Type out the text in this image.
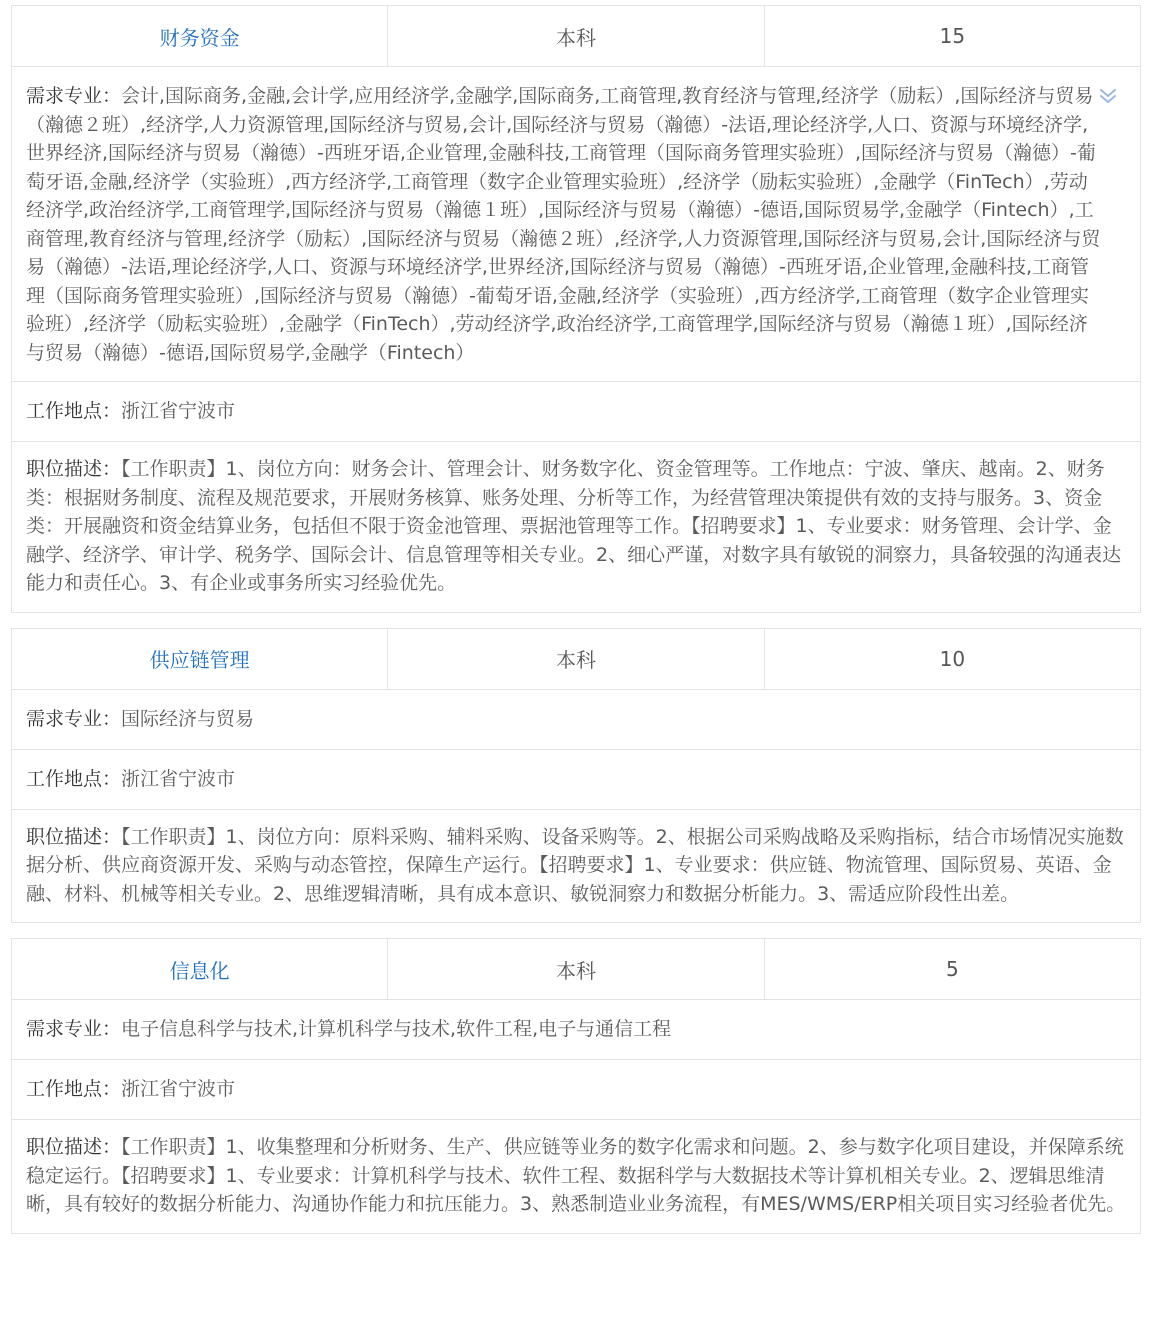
财务资金	本科	15
需求专业：会计,国际商务,金融,会计学,应用经济学,金融学,国际商务,工商管理,教育经济与管理,经济学（励耘）,国际经济与贸易（瀚德２班）,经济学,人力资源管理,国际经济与贸易,会计,国际经济与贸易（瀚德）-法语,理论经济学,人口、资源与环境经济学,世界经济,国际经济与贸易（瀚德）-西班牙语,企业管理,金融科技,工商管理（国际商务管理实验班）,国际经济与贸易（瀚德）-葡萄牙语,金融,经济学（实验班）,西方经济学,工商管理（数字企业管理实验班）,经济学（励耘实验班）,金融学（FinTech）,劳动经济学,政治经济学,工商管理学,国际经济与贸易（瀚德１班）,国际经济与贸易（瀚德）-德语,国际贸易学,金融学（Fintech）,工商管理,教育经济与管理,经济学（励耘）,国际经济与贸易（瀚德２班）,经济学,人力资源管理,国际经济与贸易,会计,国际经济与贸易（瀚德）-法语,理论经济学,人口、资源与环境经济学,世界经济,国际经济与贸易（瀚德）-西班牙语,企业管理,金融科技,工商管理（国际商务管理实验班）,国际经济与贸易（瀚德）-葡萄牙语,金融,经济学（实验班）,西方经济学,工商管理（数字企业管理实验班）,经济学（励耘实验班）,金融学（FinTech）,劳动经济学,政治经济学,工商管理学,国际经济与贸易（瀚德１班）,国际经济与贸易（瀚德）-德语,国际贸易学,金融学（Fintech）
工作地点：浙江省宁波市
职位描述：【工作职责】1、岗位方向：财务会计、管理会计、财务数字化、资金管理等。工作地点：宁波、肇庆、越南。2、财务类：根据财务制度、流程及规范要求，开展财务核算、账务处理、分析等工作，为经营管理决策提供有效的支持与服务。3、资金类：开展融资和资金结算业务，包括但不限于资金池管理、票据池管理等工作。【招聘要求】1、专业要求：财务管理、会计学、金融学、经济学、审计学、税务学、国际会计、信息管理等相关专业。2、细心严谨，对数字具有敏锐的洞察力，具备较强的沟通表达能力和责任心。3、有企业或事务所实习经验优先。
供应链管理	本科	10
需求专业：国际经济与贸易
工作地点：浙江省宁波市
职位描述：【工作职责】1、岗位方向：原料采购、辅料采购、设备采购等。2、根据公司采购战略及采购指标，结合市场情况实施数据分析、供应商资源开发、采购与动态管控，保障生产运行。【招聘要求】1、专业要求：供应链、物流管理、国际贸易、英语、金融、材料、机械等相关专业。2、思维逻辑清晰，具有成本意识、敏锐洞察力和数据分析能力。3、需适应阶段性出差。
信息化	本科	5
需求专业：电子信息科学与技术,计算机科学与技术,软件工程,电子与通信工程
工作地点：浙江省宁波市
职位描述：【工作职责】1、收集整理和分析财务、生产、供应链等业务的数字化需求和问题。2、参与数字化项目建设，并保障系统稳定运行。【招聘要求】1、专业要求：计算机科学与技术、软件工程、数据科学与大数据技术等计算机相关专业。2、逻辑思维清晰，具有较好的数据分析能力、沟通协作能力和抗压能力。3、熟悉制造业业务流程，有MES/WMS/ERP相关项目实习经验者优先。
